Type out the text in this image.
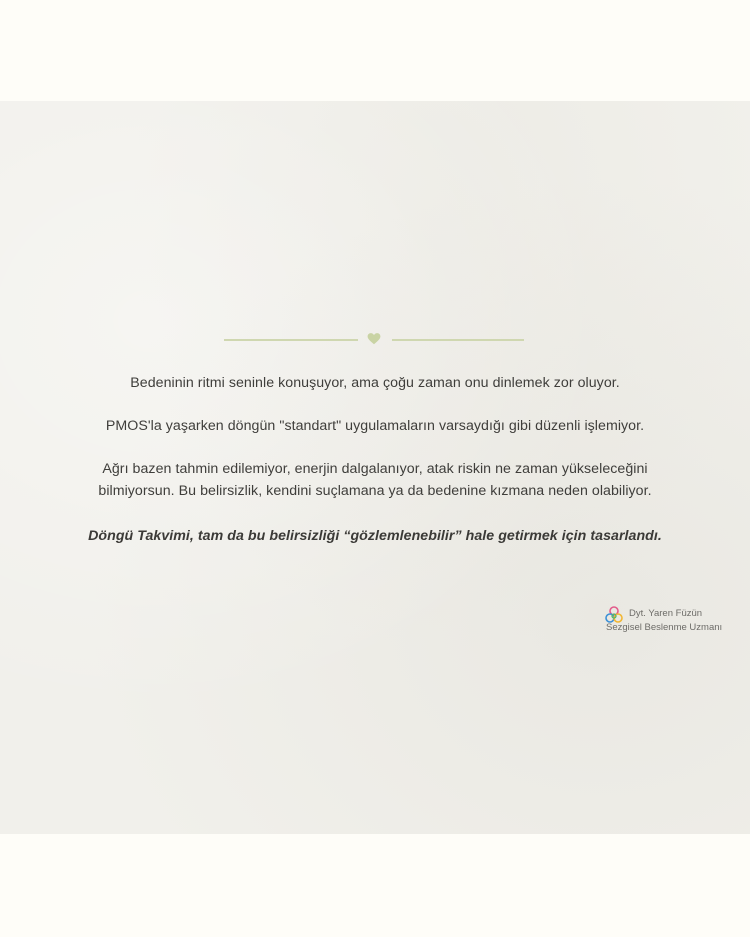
Bedeninin ritmi seninle konuşuyor, ama çoğu zaman onu dinlemek zor oluyor.
PMOS'la yaşarken döngün "standart" uygulamaların varsaydığı gibi düzenli işlemiyor.
Ağrı bazen tahmin edilemiyor, enerjin dalgalanıyor, atak riskin ne zaman yükseleceğini
bilmiyorsun. Bu belirsizlik, kendini suçlamana ya da bedenine kızmana neden olabiliyor.
Döngü Takvimi, tam da bu belirsizliği “gözlemlenebilir” hale getirmek için tasarlandı.
Dyt. Yaren Füzün
Sezgisel Beslenme Uzmanı
